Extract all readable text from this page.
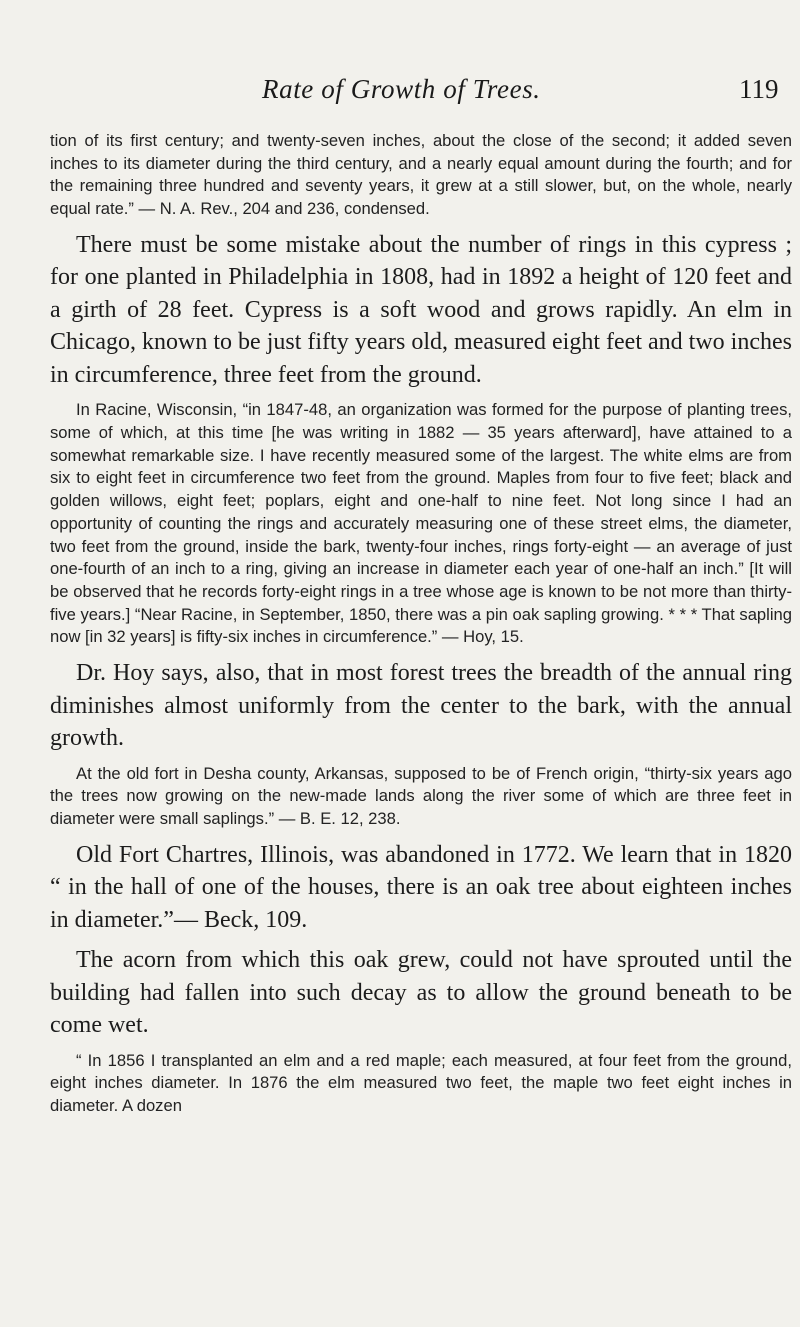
Rate of Growth of Trees.	119

tion of its first century; and twenty-seven inches, about the close of the second; it added seven inches to its diameter during the third century, and a nearly equal amount during the fourth; and for the remaining three hundred and seventy years, it grew at a still slower, but, on the whole, nearly equal rate.” — N. A. Rev., 204 and 236, condensed.

There must be some mistake about the number of rings in this cypress ; for one planted in Philadelphia in 1808, had in 1892 a height of 120 feet and a girth of 28 feet. Cypress is a soft wood and grows rapidly. An elm in Chicago, known to be just fifty years old, measured eight feet and two inches in circumference, three feet from the ground.

In Racine, Wisconsin, “in 1847-48, an organization was formed for the purpose of planting trees, some of which, at this time [he was writing in 1882 — 35 years afterward], have attained to a somewhat remarkable size. I have recently measured some of the largest. The white elms are from six to eight feet in circumference two feet from the ground. Maples from four to five feet; black and golden willows, eight feet; poplars, eight and one-half to nine feet. Not long since I had an opportunity of counting the rings and accurately measuring one of these street elms, the diameter, two feet from the ground, inside the bark, twenty-four inches, rings forty-eight — an average of just one-fourth of an inch to a ring, giving an increase in diameter each year of one-half an inch.” [It will be observed that he records forty-eight rings in a tree whose age is known to be not more than thirty-five years.] “Near Racine, in September, 1850, there was a pin oak sapling growing. * * * That sapling now [in 32 years] is fifty-six inches in circumference.” — Hoy, 15.

Dr. Hoy says, also, that in most forest trees the breadth of the annual ring diminishes almost uniformly from the center to the bark, with the annual growth.

At the old fort in Desha county, Arkansas, supposed to be of French origin, “thirty-six years ago the trees now growing on the new-made lands along the river some of which are three feet in diameter were small saplings.” — B. E. 12, 238.

Old Fort Chartres, Illinois, was abandoned in 1772. We learn that in 1820 “ in the hall of one of the houses, there is an oak tree about eighteen inches in diameter.”— Beck, 109.

The acorn from which this oak grew, could not have sprouted until the building had fallen into such decay as to allow the ground beneath to be come wet.

“ In 1856 I transplanted an elm and a red maple; each measured, at four feet from the ground, eight inches diameter. In 1876 the elm measured two feet, the maple two feet eight inches in diameter. A dozen
